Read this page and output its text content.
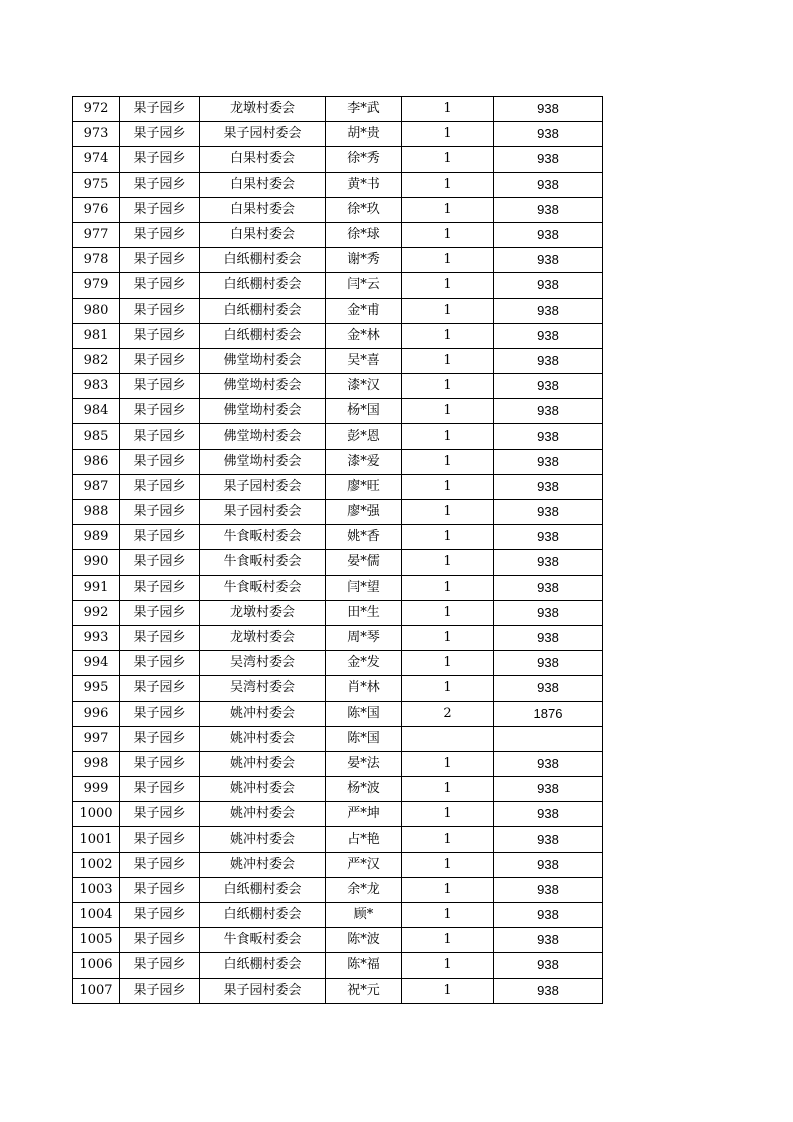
972	果子园乡	龙墩村委会	李*武	1	938
973	果子园乡	果子园村委会	胡*贵	1	938
974	果子园乡	白果村委会	徐*秀	1	938
975	果子园乡	白果村委会	黄*书	1	938
976	果子园乡	白果村委会	徐*玖	1	938
977	果子园乡	白果村委会	徐*球	1	938
978	果子园乡	白纸棚村委会	谢*秀	1	938
979	果子园乡	白纸棚村委会	闫*云	1	938
980	果子园乡	白纸棚村委会	金*甫	1	938
981	果子园乡	白纸棚村委会	金*林	1	938
982	果子园乡	佛堂坳村委会	吴*喜	1	938
983	果子园乡	佛堂坳村委会	漆*汉	1	938
984	果子园乡	佛堂坳村委会	杨*国	1	938
985	果子园乡	佛堂坳村委会	彭*恩	1	938
986	果子园乡	佛堂坳村委会	漆*爱	1	938
987	果子园乡	果子园村委会	廖*旺	1	938
988	果子园乡	果子园村委会	廖*强	1	938
989	果子园乡	牛食畈村委会	姚*香	1	938
990	果子园乡	牛食畈村委会	晏*儒	1	938
991	果子园乡	牛食畈村委会	闫*望	1	938
992	果子园乡	龙墩村委会	田*生	1	938
993	果子园乡	龙墩村委会	周*琴	1	938
994	果子园乡	吴湾村委会	金*发	1	938
995	果子园乡	吴湾村委会	肖*林	1	938
996	果子园乡	姚冲村委会	陈*国	2	1876
997	果子园乡	姚冲村委会	陈*国		
998	果子园乡	姚冲村委会	晏*法	1	938
999	果子园乡	姚冲村委会	杨*波	1	938
1000	果子园乡	姚冲村委会	严*坤	1	938
1001	果子园乡	姚冲村委会	占*艳	1	938
1002	果子园乡	姚冲村委会	严*汉	1	938
1003	果子园乡	白纸棚村委会	余*龙	1	938
1004	果子园乡	白纸棚村委会	顾*	1	938
1005	果子园乡	牛食畈村委会	陈*波	1	938
1006	果子园乡	白纸棚村委会	陈*福	1	938
1007	果子园乡	果子园村委会	祝*元	1	938
